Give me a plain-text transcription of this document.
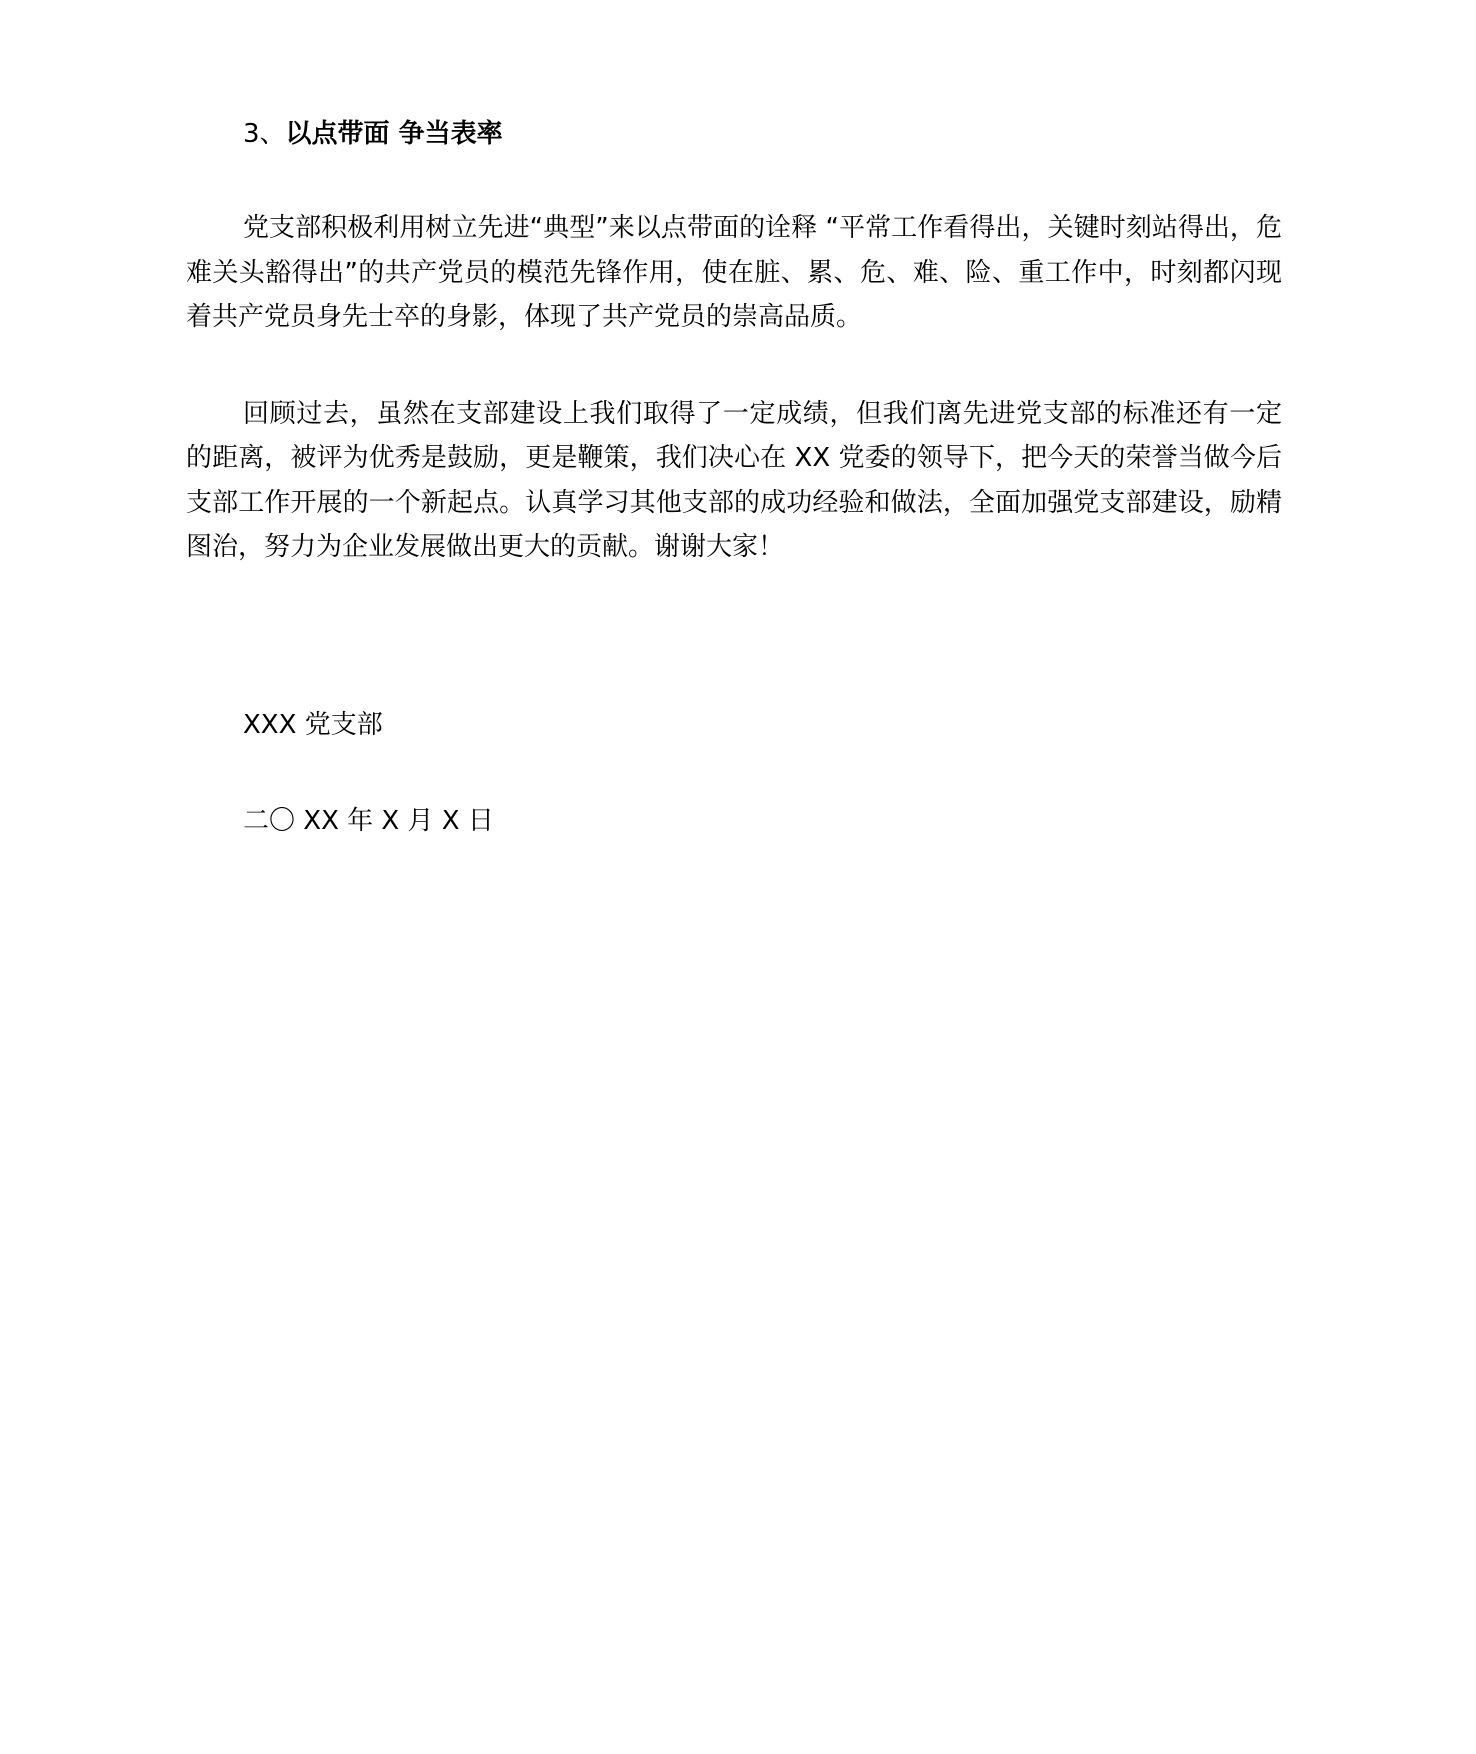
3、以点带面 争当表率

党支部积极利用树立先进“典型”来以点带面的诠释 “平常工作看得出，关键时刻站得出，危难关头豁得出”的共产党员的模范先锋作用，使在脏、累、危、难、险、重工作中，时刻都闪现着共产党员身先士卒的身影，体现了共产党员的崇高品质。

回顾过去，虽然在支部建设上我们取得了一定成绩，但我们离先进党支部的标准还有一定的距离，被评为优秀是鼓励，更是鞭策，我们决心在 XX 党委的领导下，把今天的荣誉当做今后支部工作开展的一个新起点。认真学习其他支部的成功经验和做法，全面加强党支部建设，励精图治，努力为企业发展做出更大的贡献。谢谢大家！

XXX 党支部

二〇 XX 年 X 月 X 日
